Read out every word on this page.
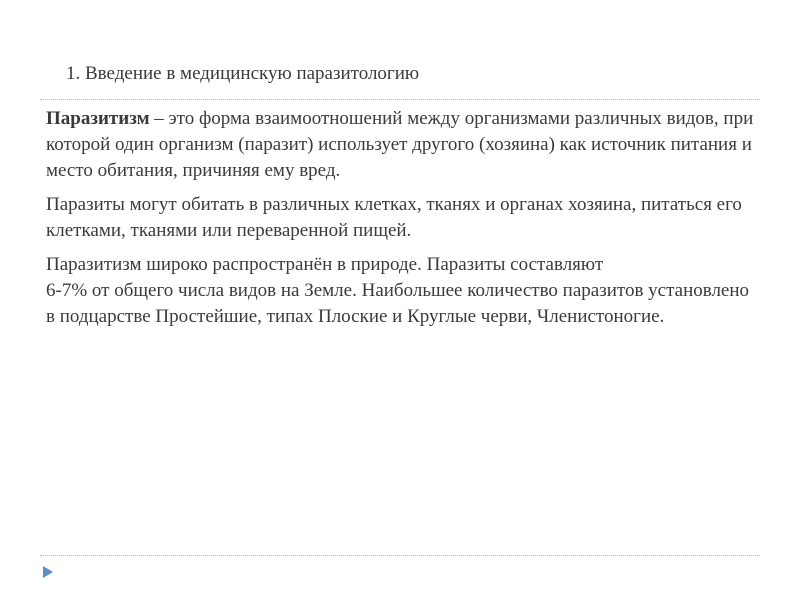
1. Введение в медицинскую паразитологию

Паразитизм – это форма взаимоотношений между организмами различных видов, при которой один организм (паразит) использует другого (хозяина) как источник питания и место обитания, причиняя ему вред.

Паразиты могут обитать в различных клетках, тканях и органах хозяина, питаться его клетками, тканями или переваренной пищей.

Паразитизм широко распространён в природе. Паразиты составляют
6-7% от общего числа видов на Земле. Наибольшее количество паразитов установлено в подцарстве Простейшие, типах Плоские и Круглые черви, Членистоногие.
